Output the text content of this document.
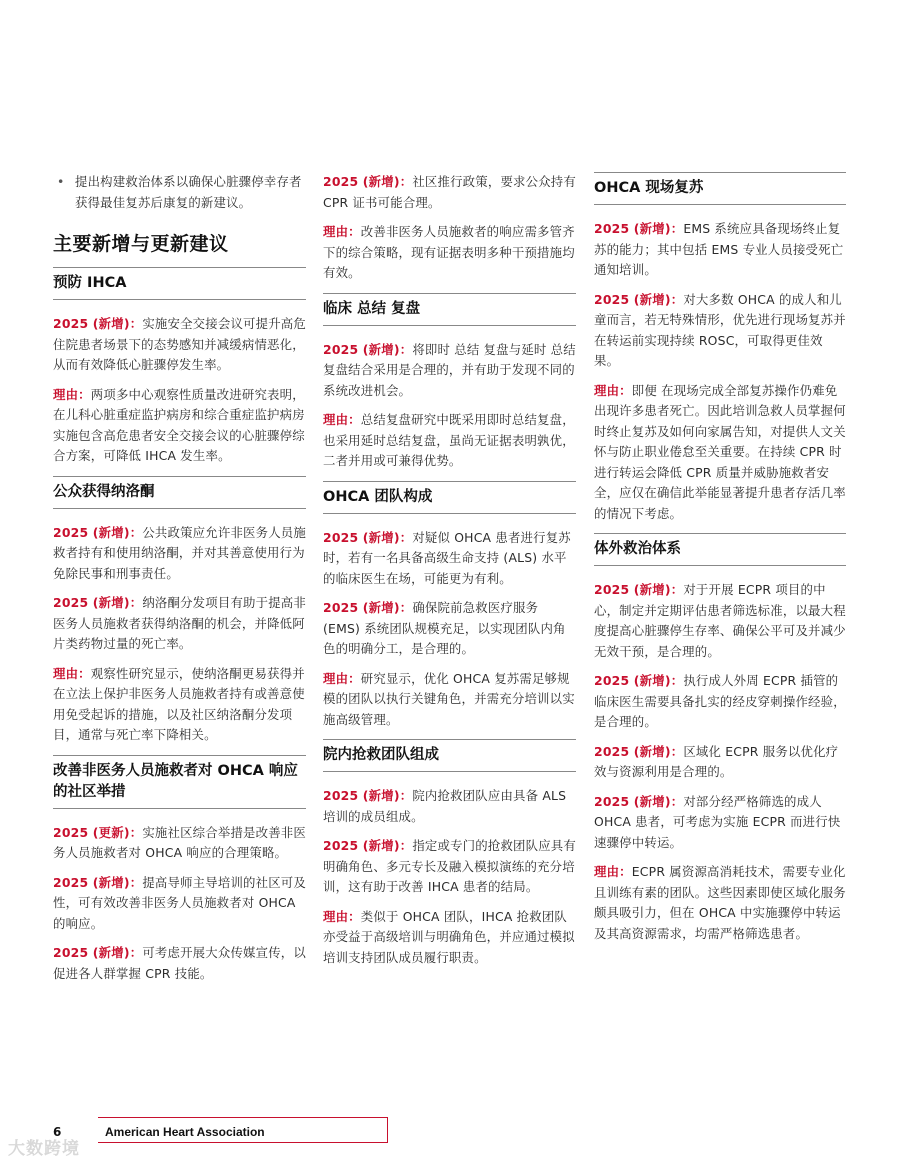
• 提出构建救治体系以确保心脏骤停幸存者获得最佳复苏后康复的新建议。
主要新增与更新建议
预防 IHCA

2025 (新增)：实施安全交接会议可提升高危住院患者场景下的态势感知并减缓病情恶化，从而有效降低心脏骤停发生率。

理由：两项多中心观察性质量改进研究表明，在儿科心脏重症监护病房和综合重症监护病房实施包含高危患者安全交接会议的心脏骤停综合方案，可降低 IHCA 发生率。

公众获得纳洛酮

2025 (新增)：公共政策应允许非医务人员施救者持有和使用纳洛酮，并对其善意使用行为免除民事和刑事责任。

2025 (新增)：纳洛酮分发项目有助于提高非医务人员施救者获得纳洛酮的机会，并降低阿片类药物过量的死亡率。

理由：观察性研究显示，使纳洛酮更易获得并在立法上保护非医务人员施救者持有或善意使用免受起诉的措施，以及社区纳洛酮分发项目，通常与死亡率下降相关。

改善非医务人员施救者对 OHCA 响应的社区举措

2025 (更新)：实施社区综合举措是改善非医务人员施救者对 OHCA 响应的合理策略。

2025 (新增)：提高导师主导培训的社区可及性，可有效改善非医务人员施救者对 OHCA 的响应。

2025 (新增)：可考虑开展大众传媒宣传，以促进各人群掌握 CPR 技能。

2025 (新增)：社区推行政策，要求公众持有 CPR 证书可能合理。

理由：改善非医务人员施救者的响应需多管齐下的综合策略，现有证据表明多种干预措施均有效。

临床 总结 复盘

2025 (新增)：将即时 总结 复盘与延时 总结 复盘结合采用是合理的，并有助于发现不同的系统改进机会。

理由：总结复盘研究中既采用即时总结复盘，也采用延时总结复盘，虽尚无证据表明孰优，二者并用或可兼得优势。

OHCA 团队构成

2025 (新增)：对疑似 OHCA 患者进行复苏时，若有一名具备高级生命支持 (ALS) 水平的临床医生在场，可能更为有利。

2025 (新增)：确保院前急救医疗服务 (EMS) 系统团队规模充足，以实现团队内角色的明确分工，是合理的。

理由：研究显示，优化 OHCA 复苏需足够规模的团队以执行关键角色，并需充分培训以实施高级管理。

院内抢救团队组成

2025 (新增)：院内抢救团队应由具备 ALS 培训的成员组成。

2025 (新增)：指定或专门的抢救团队应具有明确角色、多元专长及融入模拟演练的充分培训，这有助于改善 IHCA 患者的结局。

理由：类似于 OHCA 团队，IHCA 抢救团队亦受益于高级培训与明确角色，并应通过模拟培训支持团队成员履行职责。

OHCA 现场复苏

2025 (新增)：EMS 系统应具备现场终止复苏的能力；其中包括 EMS 专业人员接受死亡通知培训。

2025 (新增)：对大多数 OHCA 的成人和儿童而言，若无特殊情形，优先进行现场复苏并在转运前实现持续 ROSC，可取得更佳效果。

理由：即便 在现场完成全部复苏操作仍难免出现许多患者死亡。因此培训急救人员掌握何时终止复苏及如何向家属告知，对提供人文关怀与防止职业倦怠至关重要。在持续 CPR 时进行转运会降低 CPR 质量并威胁施救者安全，应仅在确信此举能显著提升患者存活几率的情况下考虑。

体外救治体系

2025 (新增)：对于开展 ECPR 项目的中心，制定并定期评估患者筛选标准，以最大程度提高心脏骤停生存率、确保公平可及并减少无效干预，是合理的。

2025 (新增)：执行成人外周 ECPR 插管的临床医生需要具备扎实的经皮穿刺操作经验，是合理的。

2025 (新增)：区域化 ECPR 服务以优化疗效与资源利用是合理的。

2025 (新增)：对部分经严格筛选的成人 OHCA 患者，可考虑为实施 ECPR 而进行快速骤停中转运。

理由：ECPR 属资源高消耗技术，需要专业化且训练有素的团队。这些因素即使区域化服务颇具吸引力，但在 OHCA 中实施骤停中转运及其高资源需求，均需严格筛选患者。

6	American Heart Association
大数跨境
